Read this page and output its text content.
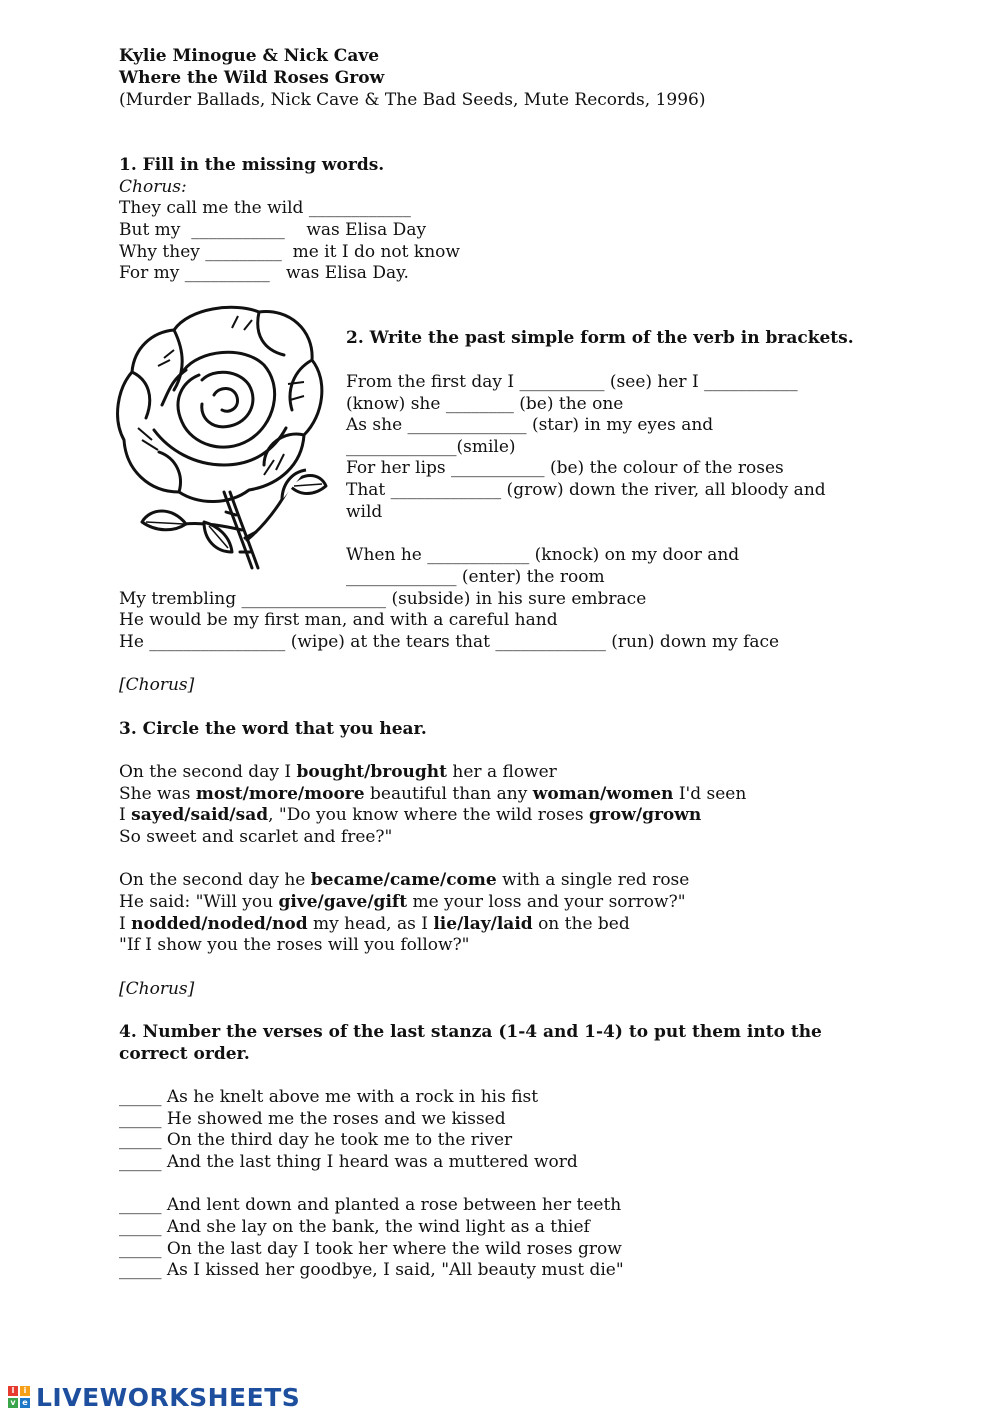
Kylie Minogue & Nick Cave
Where the Wild Roses Grow
(Murder Ballads, Nick Cave & The Bad Seeds, Mute Records, 1996)
1. Fill in the missing words.
Chorus:
They call me the wild ____________
But my  ___________    was Elisa Day
Why they _________  me it I do not know
For my __________   was Elisa Day.
2. Write the past simple form of the verb in brackets.
From the first day I __________ (see) her I ___________
(know) she ________ (be) the one
As she ______________ (star) in my eyes and
_____________(smile)
For her lips ___________ (be) the colour of the roses
That _____________ (grow) down the river, all bloody and
wild
When he ____________ (knock) on my door and
_____________ (enter) the room
My trembling _________________ (subside) in his sure embrace
He would be my first man, and with a careful hand
He ________________ (wipe) at the tears that _____________ (run) down my face
[Chorus]
3. Circle the word that you hear.
On the second day I bought/brought her a flower
She was most/more/moore beautiful than any woman/women I'd seen
I sayed/said/sad, "Do you know where the wild roses grow/grown
So sweet and scarlet and free?"
On the second day he became/came/come with a single red rose
He said: "Will you give/gave/gift me your loss and your sorrow?"
I nodded/noded/nod my head, as I lie/lay/laid on the bed
"If I show you the roses will you follow?"
[Chorus]
4. Number the verses of the last stanza (1-4 and 1-4) to put them into the
correct order.
_____ As he knelt above me with a rock in his fist
_____ He showed me the roses and we kissed
_____ On the third day he took me to the river
_____ And the last thing I heard was a muttered word
_____ And lent down and planted a rose between her teeth
_____ And she lay on the bank, the wind light as a thief
_____ On the last day I took her where the wild roses grow
_____ As I kissed her goodbye, I said, "All beauty must die"
l	i
v e LIVEWORKSHEETS
